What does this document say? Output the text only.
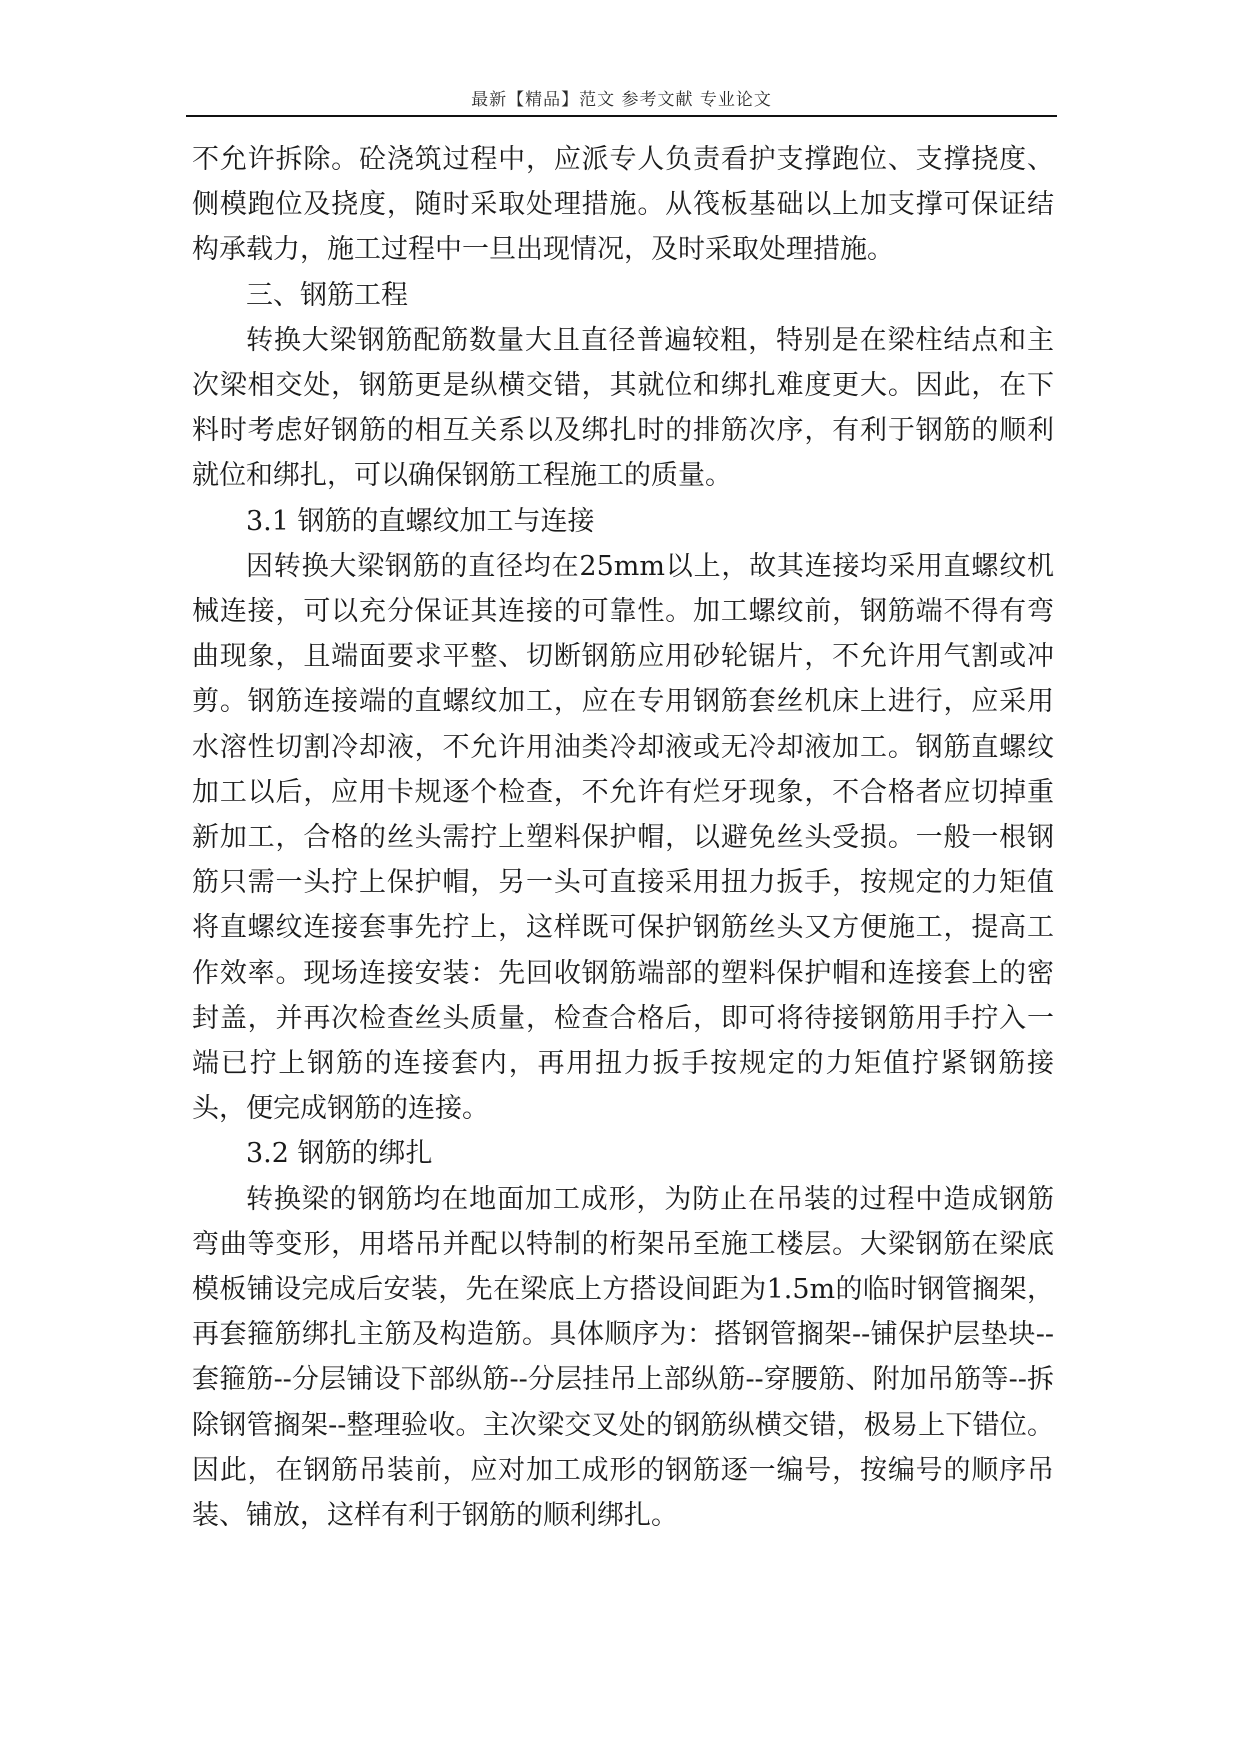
最新【精品】范文 参考文献 专业论文

不允许拆除。砼浇筑过程中，应派专人负责看护支撑跑位、支撑挠度、侧模跑位及挠度，随时采取处理措施。从筏板基础以上加支撑可保证结构承载力，施工过程中一旦出现情况，及时采取处理措施。

三、钢筋工程

转换大梁钢筋配筋数量大且直径普遍较粗，特别是在梁柱结点和主次梁相交处，钢筋更是纵横交错，其就位和绑扎难度更大。因此，在下料时考虑好钢筋的相互关系以及绑扎时的排筋次序，有利于钢筋的顺利就位和绑扎，可以确保钢筋工程施工的质量。

3.1 钢筋的直螺纹加工与连接

因转换大梁钢筋的直径均在25mm以上，故其连接均采用直螺纹机械连接，可以充分保证其连接的可靠性。加工螺纹前，钢筋端不得有弯曲现象，且端面要求平整、切断钢筋应用砂轮锯片，不允许用气割或冲剪。钢筋连接端的直螺纹加工，应在专用钢筋套丝机床上进行，应采用水溶性切割冷却液，不允许用油类冷却液或无冷却液加工。钢筋直螺纹加工以后，应用卡规逐个检查，不允许有烂牙现象，不合格者应切掉重新加工，合格的丝头需拧上塑料保护帽，以避免丝头受损。一般一根钢筋只需一头拧上保护帽，另一头可直接采用扭力扳手，按规定的力矩值将直螺纹连接套事先拧上，这样既可保护钢筋丝头又方便施工，提高工作效率。现场连接安装：先回收钢筋端部的塑料保护帽和连接套上的密封盖，并再次检查丝头质量，检查合格后，即可将待接钢筋用手拧入一端已拧上钢筋的连接套内，再用扭力扳手按规定的力矩值拧紧钢筋接头，便完成钢筋的连接。

3.2 钢筋的绑扎

转换梁的钢筋均在地面加工成形，为防止在吊装的过程中造成钢筋弯曲等变形，用塔吊并配以特制的桁架吊至施工楼层。大梁钢筋在梁底模板铺设完成后安装，先在梁底上方搭设间距为1.5m的临时钢管搁架，再套箍筋绑扎主筋及构造筋。具体顺序为：搭钢管搁架--铺保护层垫块--套箍筋--分层铺设下部纵筋--分层挂吊上部纵筋--穿腰筋、附加吊筋等--拆除钢管搁架--整理验收。主次梁交叉处的钢筋纵横交错，极易上下错位。因此，在钢筋吊装前，应对加工成形的钢筋逐一编号，按编号的顺序吊装、铺放，这样有利于钢筋的顺利绑扎。
